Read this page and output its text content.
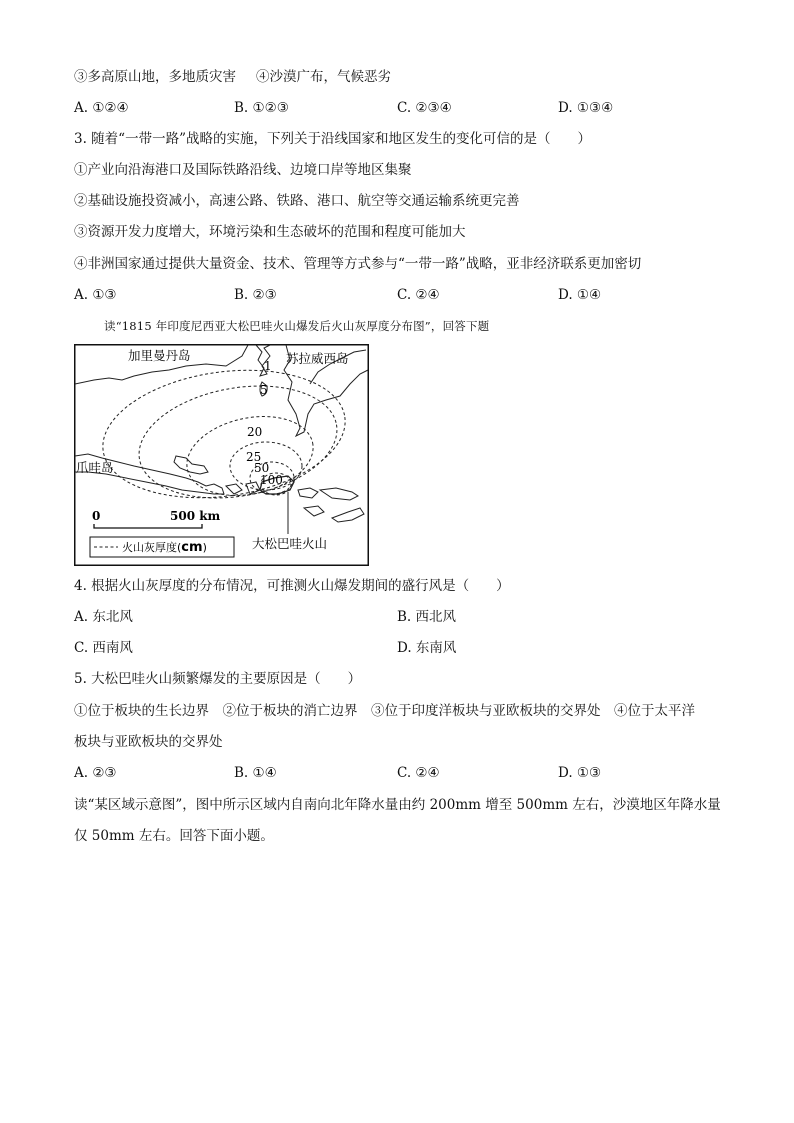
③多高原山地，多地质灾害 ④沙漠广布，气候恶劣
A. ①②④	B. ①②③	C. ②③④	D. ①③④
3. 随着“一带一路”战略的实施，下列关于沿线国家和地区发生的变化可信的是（　　）
①产业向沿海港口及国际铁路沿线、边境口岸等地区集聚
②基础设施投资减小，高速公路、铁路、港口、航空等交通运输系统更完善
③资源开发力度增大，环境污染和生态破坏的范围和程度可能加大
④非洲国家通过提供大量资金、技术、管理等方式参与“一带一路”战略，亚非经济联系更加密切
A. ①③	B. ②③	C. ②④	D. ①④
读“1815 年印度尼西亚大松巴哇火山爆发后火山灰厚度分布图”，回答下题
加里曼丹岛	苏拉威西岛
爪哇岛
1
5
20
25
50
100
大松巴哇火山
0	500 km
火山灰厚度(cm)
4. 根据火山灰厚度的分布情况，可推测火山爆发期间的盛行风是（　　）
A. 东北风	B. 西北风
C. 西南风	D. 东南风
5. 大松巴哇火山频繁爆发的主要原因是（　　）
①位于板块的生长边界　②位于板块的消亡边界　③位于印度洋板块与亚欧板块的交界处　④位于太平洋
板块与亚欧板块的交界处
A. ②③	B. ①④	C. ②④	D. ①③
读“某区域示意图”，图中所示区域内自南向北年降水量由约 200mm 增至 500mm 左右，沙漠地区年降水量
仅 50mm 左右。回答下面小题。
